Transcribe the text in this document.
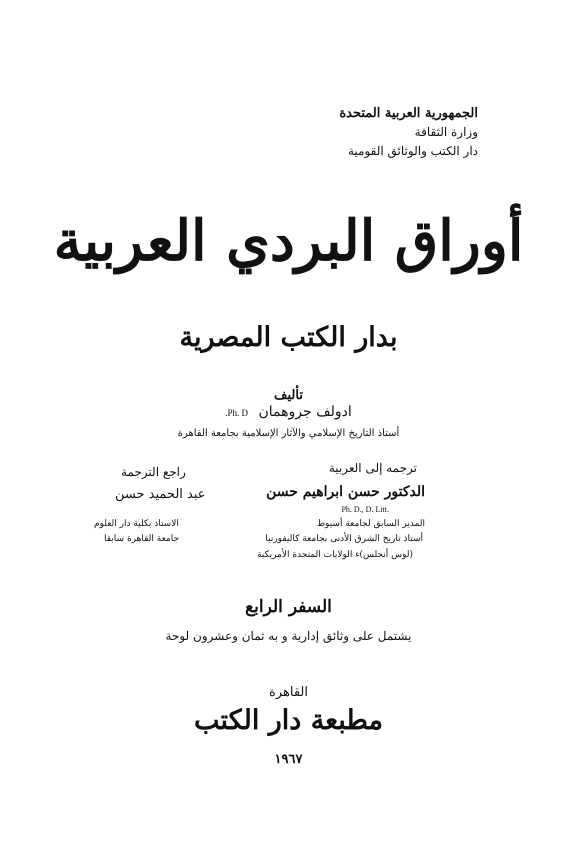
الجمهورية العربية المتحدة
وزارة الثقافة
دار الكتب والوثائق القومية
أوراق البردي العربية
بدار الكتب المصرية
تأليف
ادولف جروهمان Ph. D.
أستاذ التاريخ الإسلامي والآثار الإسلامية بجامعة القاهرة
ترجمه إلى العربية
الدكتور حسن ابراهيم حسن
Ph. D., D. Litt.
المدير السابق لجامعة أسيوط
أستاذ تاريخ الشرق الأدنى بجامعة كاليفورنيا
(لوس أنجلس)ء الولايات المتحدة الأمريكية
راجع الترجمة
عبد الحميد حسن
الاستاذ بكلية دار العلوم
جامعة القاهرة سابقا
السفر الرابع
يشتمل على وثائق إدارية و به ثمان وعشرون لوحة
القاهرة
مطبعة دار الكتب
١٩٦٧
